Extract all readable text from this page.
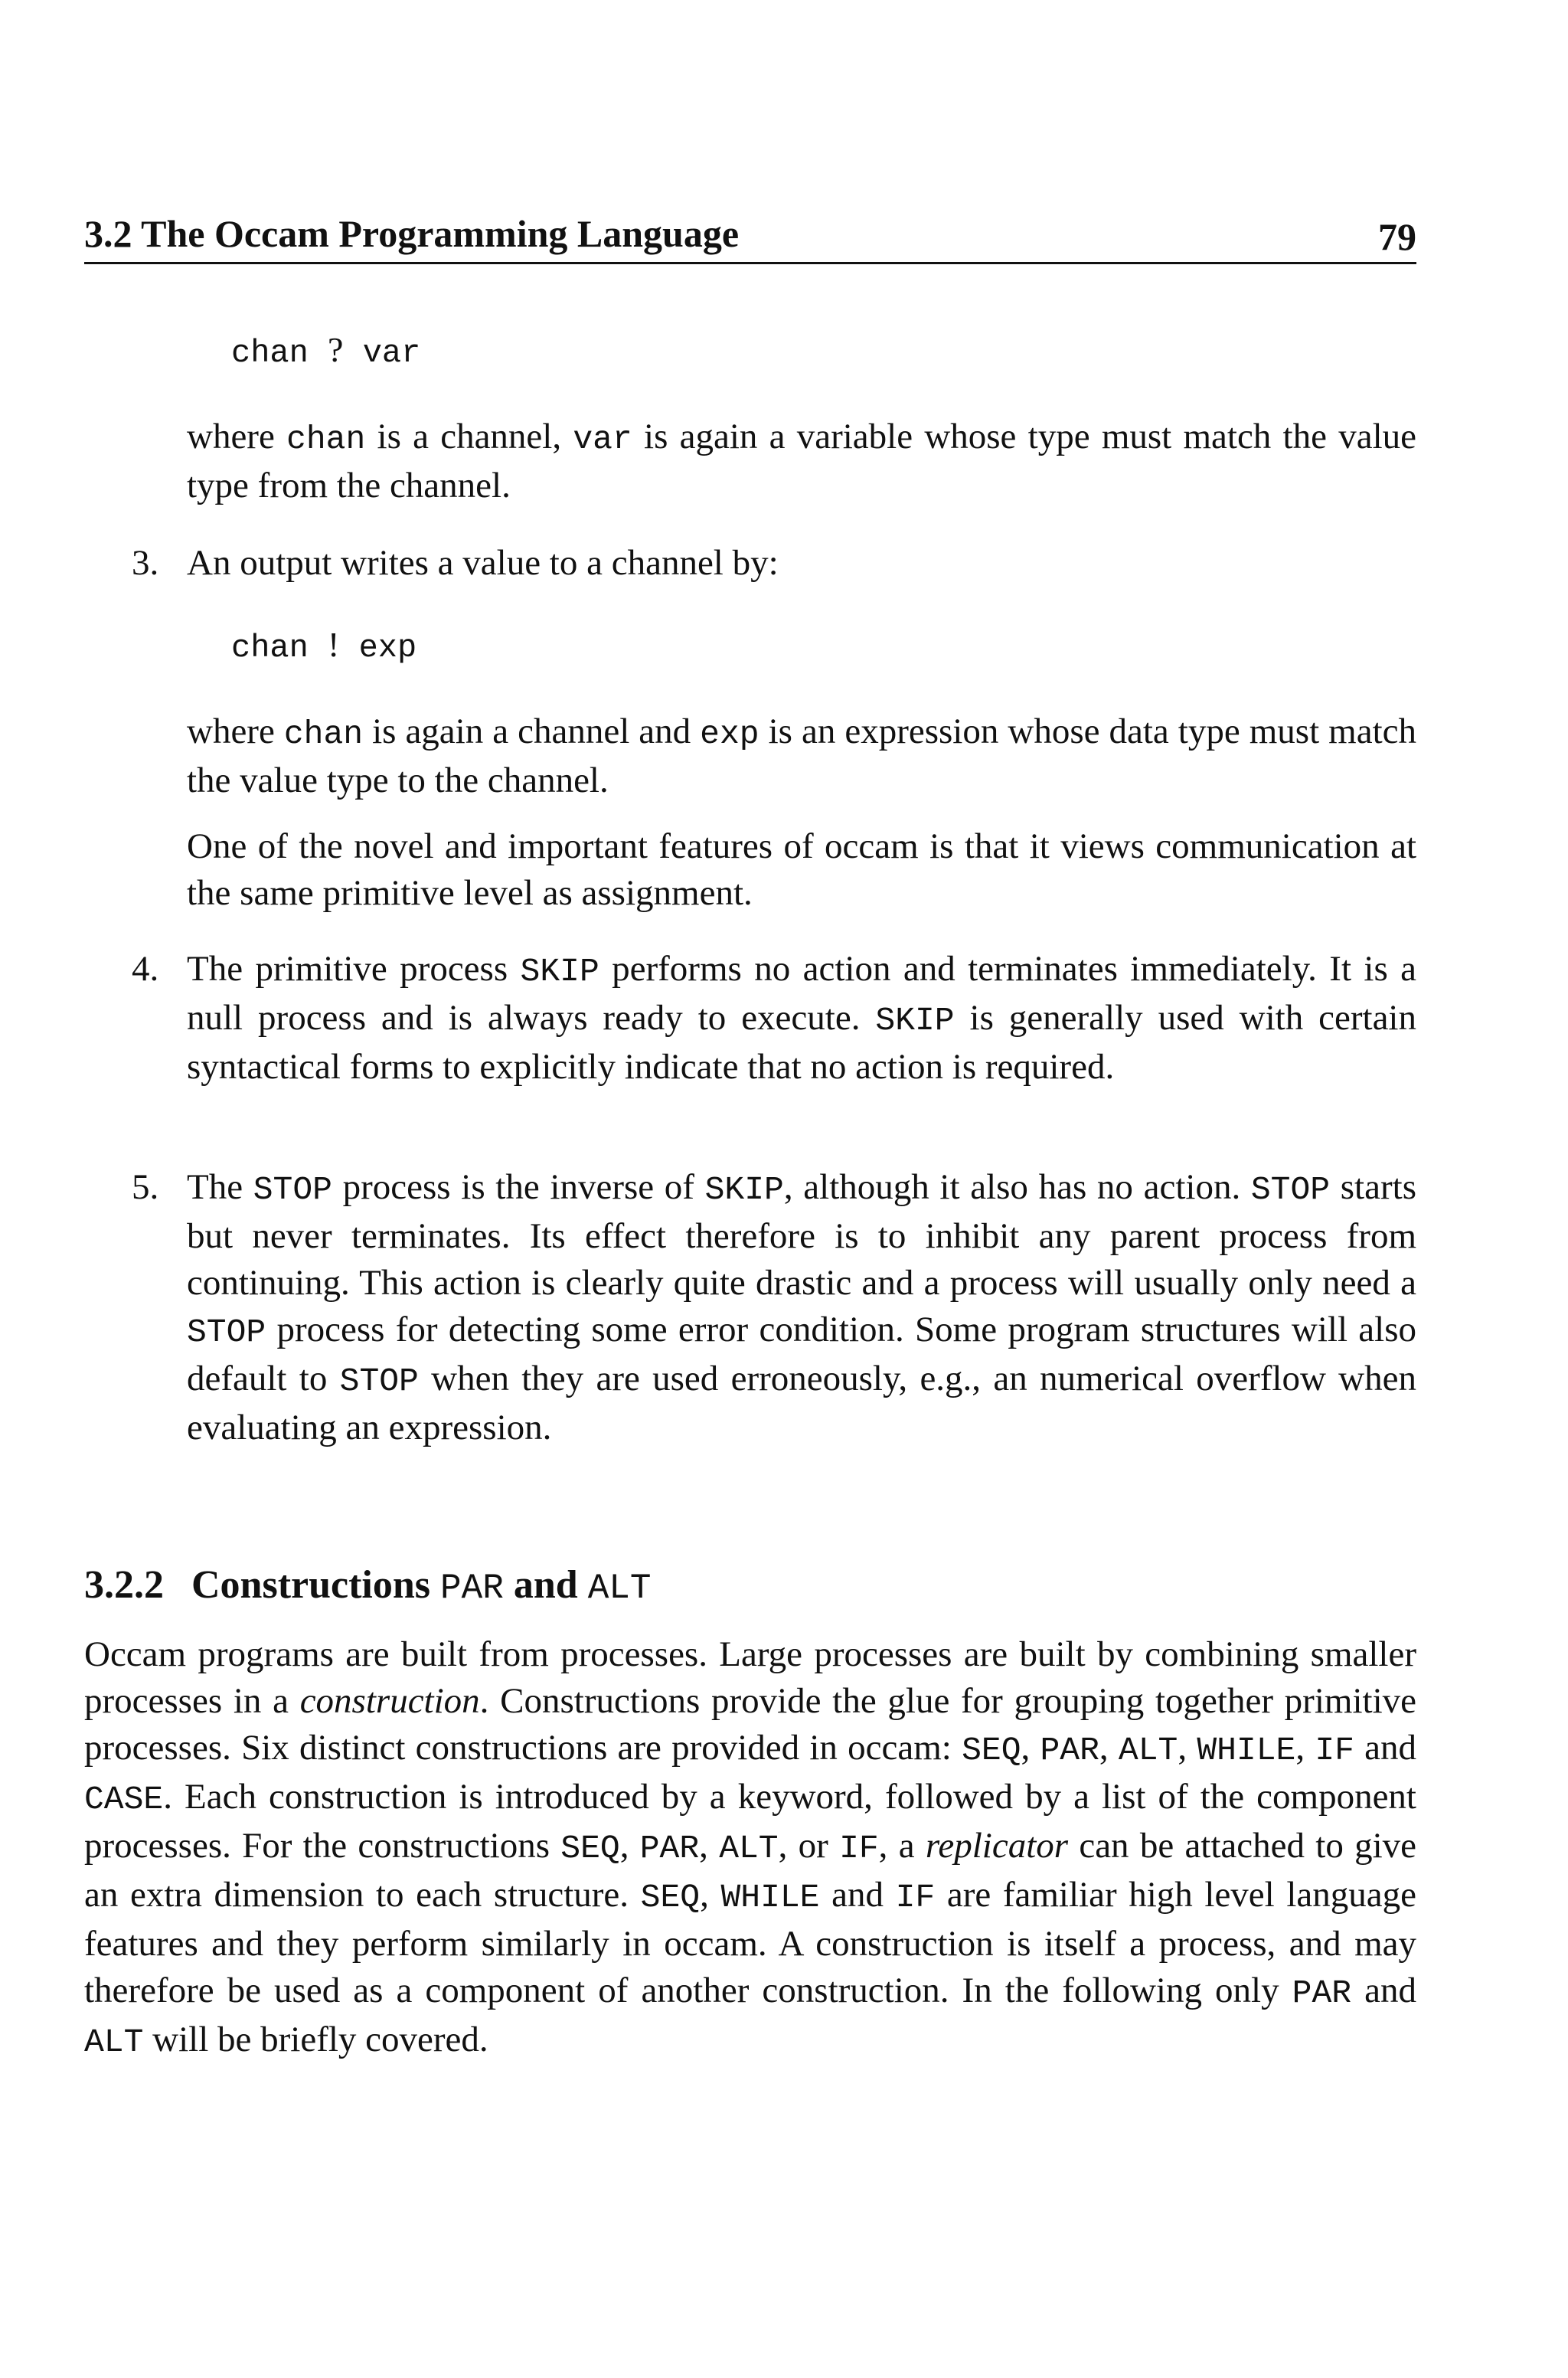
3.2 The Occam Programming Language	79
chan ? var
where chan is a channel, var is again a variable whose type must match the value type from the channel.
3. An output writes a value to a channel by:
chan ! exp
where chan is again a channel and exp is an expression whose data type must match the value type to the channel.
One of the novel and important features of occam is that it views communication at the same primitive level as assignment.
4. The primitive process SKIP performs no action and terminates immediately. It is a null process and is always ready to execute. SKIP is generally used with certain syntactical forms to explicitly indicate that no action is required.
5. The STOP process is the inverse of SKIP, although it also has no action. STOP starts but never terminates. Its effect therefore is to inhibit any parent process from continuing. This action is clearly quite drastic and a process will usually only need a STOP process for detecting some error condition. Some program structures will also default to STOP when they are used erroneously, e.g., an numerical overflow when evaluating an expression.
3.2.2 Constructions PAR and ALT
Occam programs are built from processes. Large processes are built by combining smaller processes in a construction. Constructions provide the glue for grouping together primitive processes. Six distinct constructions are provided in occam: SEQ, PAR, ALT, WHILE, IF and CASE. Each construction is introduced by a keyword, followed by a list of the component processes. For the constructions SEQ, PAR, ALT, or IF, a replicator can be attached to give an extra dimension to each structure. SEQ, WHILE and IF are familiar high level language features and they perform similarly in occam. A construction is itself a process, and may therefore be used as a component of another construction. In the following only PAR and ALT will be briefly covered.
